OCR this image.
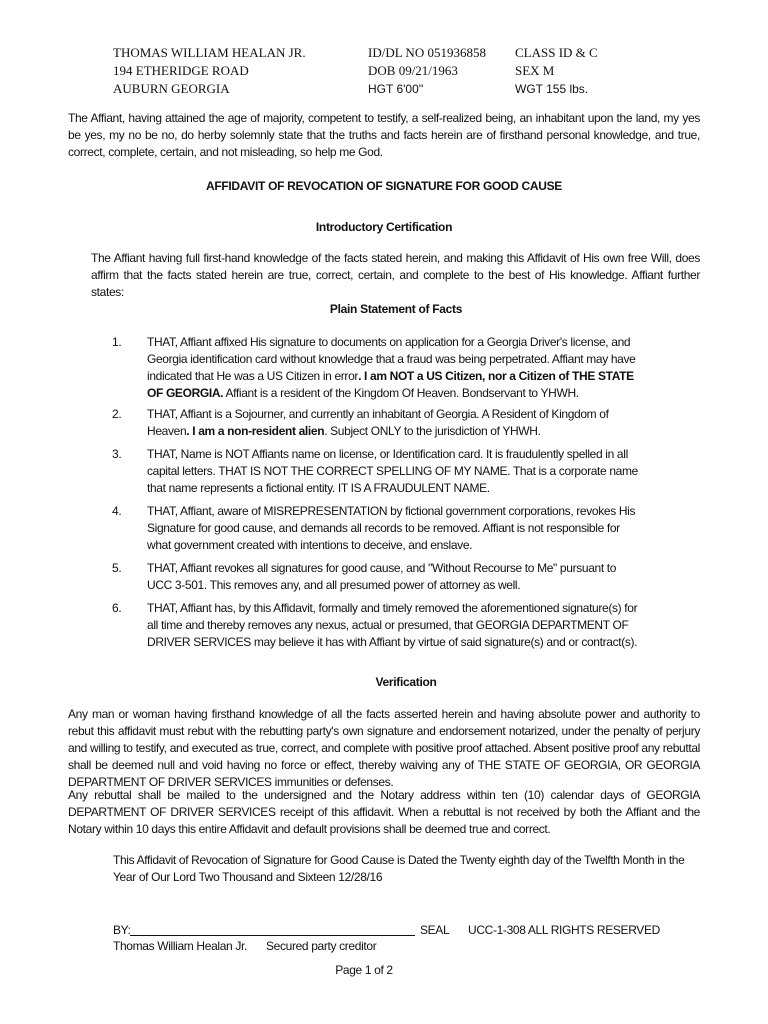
THOMAS WILLIAM HEALAN JR.
194 ETHERIDGE ROAD
AUBURN GEORGIA
ID/DL NO 051936858
DOB 09/21/1963
HGT 6'00''
CLASS ID & C
SEX M
WGT 155 lbs.

The Affiant, having attained the age of majority, competent to testify, a self-realized being, an inhabitant upon the land, my yes be yes, my no be no, do herby solemnly state that the truths and facts herein are of firsthand personal knowledge, and true, correct, complete, certain, and not misleading, so help me God.

AFFIDAVIT OF REVOCATION OF SIGNATURE FOR GOOD CAUSE
Introductory Certification

The Affiant having full first-hand knowledge of the facts stated herein, and making this Affidavit of His own free Will, does affirm that the facts stated herein are true, correct, certain, and complete to the best of His knowledge. Affiant further states:

Plain Statement of Facts
1. THAT, Affiant affixed His signature to documents on application for a Georgia Driver's license, and Georgia identification card without knowledge that a fraud was being perpetrated. Affiant may have indicated that He was a US Citizen in error. I am NOT a US Citizen, nor a Citizen of THE STATE OF GEORGIA. Affiant is a resident of the Kingdom Of Heaven. Bondservant to YHWH.
2. THAT, Affiant is a Sojourner, and currently an inhabitant of Georgia. A Resident of Kingdom of Heaven. I am a non-resident alien. Subject ONLY to the jurisdiction of YHWH.
3. THAT, Name is NOT Affiants name on license, or Identification card. It is fraudulently spelled in all capital letters. THAT IS NOT THE CORRECT SPELLING OF MY NAME. That is a corporate name that name represents a fictional entity. IT IS A FRAUDULENT NAME.
4. THAT, Affiant, aware of MISREPRESENTATION by fictional government corporations, revokes His Signature for good cause, and demands all records to be removed. Affiant is not responsible for what government created with intentions to deceive, and enslave.
5. THAT, Affiant revokes all signatures for good cause, and "Without Recourse to Me" pursuant to UCC 3-501. This removes any, and all presumed power of attorney as well.
6. THAT, Affiant has, by this Affidavit, formally and timely removed the aforementioned signature(s) for all time and thereby removes any nexus, actual or presumed, that GEORGIA DEPARTMENT OF DRIVER SERVICES may believe it has with Affiant by virtue of said signature(s) and or contract(s).
Verification

Any man or woman having firsthand knowledge of all the facts asserted herein and having absolute power and authority to rebut this affidavit must rebut with the rebutting party's own signature and endorsement notarized, under the penalty of perjury and willing to testify, and executed as true, correct, and complete with positive proof attached. Absent positive proof any rebuttal shall be deemed null and void having no force or effect, thereby waiving any of THE STATE OF GEORGIA, OR GEORGIA DEPARTMENT OF DRIVER SERVICES immunities or defenses.

Any rebuttal shall be mailed to the undersigned and the Notary address within ten (10) calendar days of GEORGIA DEPARTMENT OF DRIVER SERVICES receipt of this affidavit. When a rebuttal is not received by both the Affiant and the Notary within 10 days this entire Affidavit and default provisions shall be deemed true and correct.

This Affidavit of Revocation of Signature for Good Cause is Dated the Twenty eighth day of the Twelfth Month in the Year of Our Lord Two Thousand and Sixteen 12/28/16

BY:	SEAL UCC-1-308 ALL RIGHTS RESERVED
Thomas William Healan Jr. Secured party creditor
Page 1 of 2
